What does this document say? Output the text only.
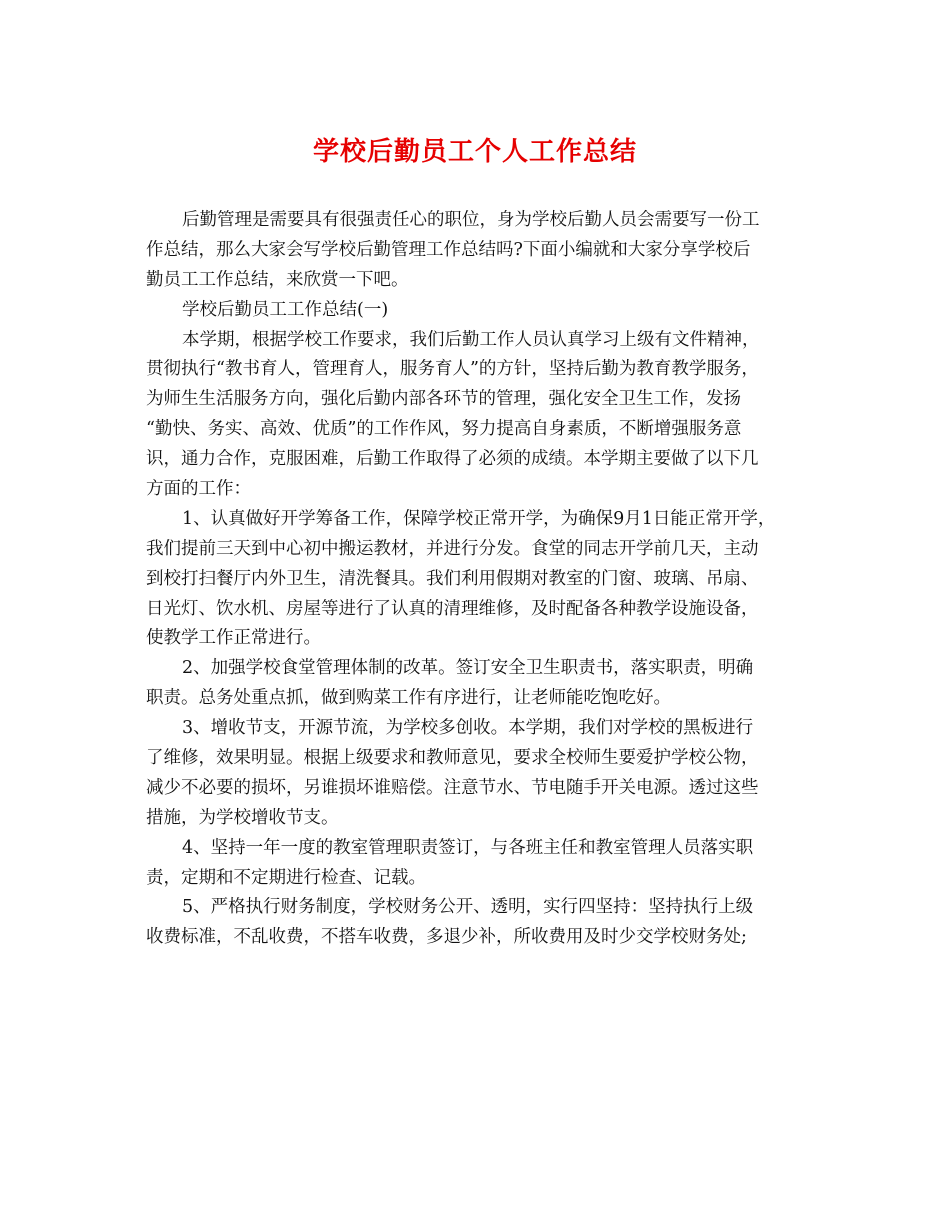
学校后勤员工个人工作总结
后勤管理是需要具有很强责任心的职位，身为学校后勤人员会需要写一份工
作总结，那么大家会写学校后勤管理工作总结吗?下面小编就和大家分享学校后
勤员工工作总结，来欣赏一下吧。
学校后勤员工工作总结(一)
本学期，根据学校工作要求，我们后勤工作人员认真学习上级有文件精神，
贯彻执行“教书育人，管理育人，服务育人”的方针，坚持后勤为教育教学服务，
为师生生活服务方向，强化后勤内部各环节的管理，强化安全卫生工作，发扬
“勤快、务实、高效、优质”的工作作风，努力提高自身素质，不断增强服务意
识，通力合作，克服困难，后勤工作取得了必须的成绩。本学期主要做了以下几
方面的工作：
1、认真做好开学筹备工作，保障学校正常开学，为确保9月1日能正常开学，
我们提前三天到中心初中搬运教材，并进行分发。食堂的同志开学前几天，主动
到校打扫餐厅内外卫生，清洗餐具。我们利用假期对教室的门窗、玻璃、吊扇、
日光灯、饮水机、房屋等进行了认真的清理维修，及时配备各种教学设施设备，
使教学工作正常进行。
2、加强学校食堂管理体制的改革。签订安全卫生职责书，落实职责，明确
职责。总务处重点抓，做到购菜工作有序进行，让老师能吃饱吃好。
3、增收节支，开源节流，为学校多创收。本学期，我们对学校的黑板进行
了维修，效果明显。根据上级要求和教师意见，要求全校师生要爱护学校公物，
减少不必要的损坏，另谁损坏谁赔偿。注意节水、节电随手开关电源。透过这些
措施，为学校增收节支。
4、坚持一年一度的教室管理职责签订，与各班主任和教室管理人员落实职
责，定期和不定期进行检查、记载。
5、严格执行财务制度，学校财务公开、透明，实行四坚持：坚持执行上级
收费标准，不乱收费，不搭车收费，多退少补，所收费用及时少交学校财务处;
